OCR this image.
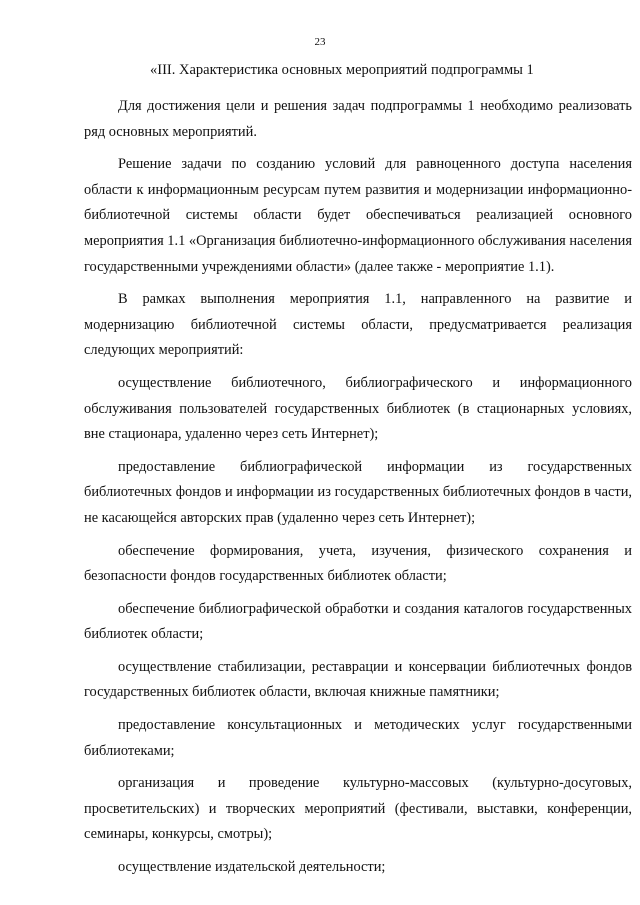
23
«III. Характеристика основных мероприятий подпрограммы 1

Для достижения цели и решения задач подпрограммы 1 необходимо реализовать ряд основных мероприятий.

Решение задачи по созданию условий для равноценного доступа населения области к информационным ресурсам путем развития и модернизации информационно-библиотечной системы области будет обеспечиваться реализацией основного мероприятия 1.1 «Организация библиотечно-информационного обслуживания населения государственными учреждениями области» (далее также - мероприятие 1.1).

В рамках выполнения мероприятия 1.1, направленного на развитие и модернизацию библиотечной системы области, предусматривается реализация следующих мероприятий:

осуществление библиотечного, библиографического и информационного обслуживания пользователей государственных библиотек (в стационарных условиях, вне стационара, удаленно через сеть Интернет);

предоставление библиографической информации из государственных библиотечных фондов и информации из государственных библиотечных фондов в части, не касающейся авторских прав (удаленно через сеть Интернет);

обеспечение формирования, учета, изучения, физического сохранения и безопасности фондов государственных библиотек области;

обеспечение библиографической обработки и создания каталогов государственных библиотек области;

осуществление стабилизации, реставрации и консервации библиотечных фондов государственных библиотек области, включая книжные памятники;

предоставление консультационных и методических услуг государственными библиотеками;

организация и проведение культурно-массовых (культурно-досуговых, просветительских) и творческих мероприятий (фестивали, выставки, конференции, семинары, конкурсы, смотры);

осуществление издательской деятельности;
